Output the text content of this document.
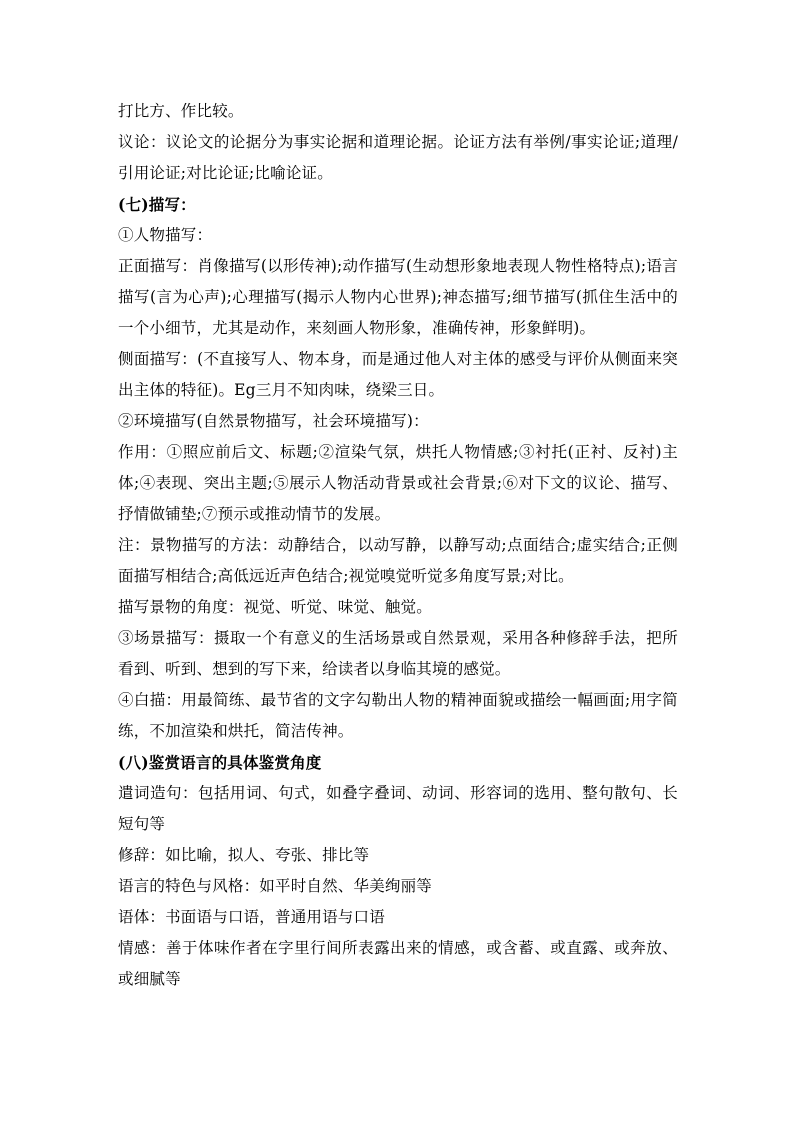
打比方、作比较。

议论：议论文的论据分为事实论据和道理论据。论证方法有举例/事实论证;道理/引用论证;对比论证;比喻论证。

(七)描写：

①人物描写：

正面描写：肖像描写(以形传神);动作描写(生动想形象地表现人物性格特点);语言描写(言为心声);心理描写(揭示人物内心世界);神态描写;细节描写(抓住生活中的一个小细节，尤其是动作，来刻画人物形象，准确传神，形象鲜明)。

侧面描写：(不直接写人、物本身，而是通过他人对主体的感受与评价从侧面来突出主体的特征)。Eg三月不知肉味，绕梁三日。

②环境描写(自然景物描写，社会环境描写)：

作用：①照应前后文、标题;②渲染气氛，烘托人物情感;③衬托(正衬、反衬)主体;④表现、突出主题;⑤展示人物活动背景或社会背景;⑥对下文的议论、描写、抒情做铺垫;⑦预示或推动情节的发展。

注：景物描写的方法：动静结合，以动写静，以静写动;点面结合;虚实结合;正侧面描写相结合;高低远近声色结合;视觉嗅觉听觉多角度写景;对比。

描写景物的角度：视觉、听觉、味觉、触觉。

③场景描写：摄取一个有意义的生活场景或自然景观，采用各种修辞手法，把所看到、听到、想到的写下来，给读者以身临其境的感觉。

④白描：用最简练、最节省的文字勾勒出人物的精神面貌或描绘一幅画面;用字简练，不加渲染和烘托，简洁传神。

(八)鉴赏语言的具体鉴赏角度

遣词造句：包括用词、句式，如叠字叠词、动词、形容词的选用、整句散句、长短句等

修辞：如比喻，拟人、夸张、排比等

语言的特色与风格：如平时自然、华美绚丽等

语体：书面语与口语，普通用语与口语

情感：善于体味作者在字里行间所表露出来的情感，或含蓄、或直露、或奔放、或细腻等
